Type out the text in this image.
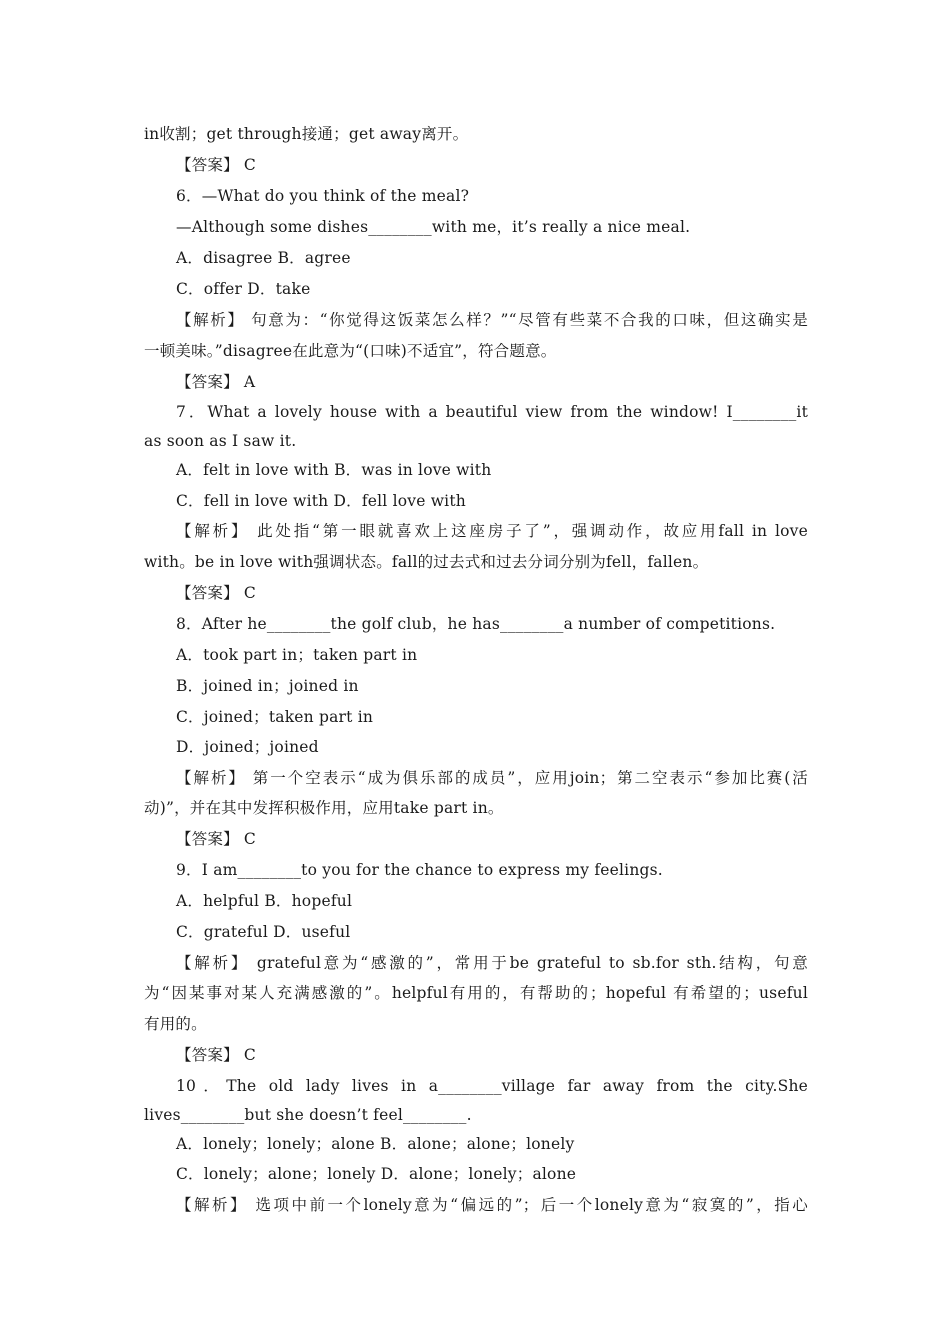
in收割；get through接通；get away离开。
【答案】 C
6．—What do you think of the meal?
—Although some dishes________with me，it’s really a nice meal.
A．disagree B．agree
C．offer D．take
【解析】 句意为：“你觉得这饭菜怎么样？”“尽管有些菜不合我的口味，但这确实是
一顿美味。”disagree在此意为“(口味)不适宜”，符合题意。
【答案】 A
7．What a lovely house with a beautiful view from the window! I________it
as soon as I saw it.
A．felt in love with B．was in love with
C．fell in love with D．fell love with
【解析】 此处指“第一眼就喜欢上这座房子了”，强调动作，故应用fall in love
with。be in love with强调状态。fall的过去式和过去分词分别为fell，fallen。
【答案】 C
8．After he________the golf club，he has________a number of competitions.
A．took part in；taken part in
B．joined in；joined in
C．joined；taken part in
D．joined；joined
【解析】 第一个空表示“成为俱乐部的成员”，应用join；第二空表示“参加比赛(活
动)”，并在其中发挥积极作用，应用take part in。
【答案】 C
9．I am________to you for the chance to express my feelings.
A．helpful B．hopeful
C．grateful D．useful
【解析】 grateful意为“感激的”，常用于be grateful to sb.for sth.结构，句意
为“因某事对某人充满感激的”。helpful有用的，有帮助的；hopeful 有希望的；useful
有用的。
【答案】 C
10．The old lady lives in a________village far away from the city.She
lives________but she doesn’t feel________.
A．lonely；lonely；alone B．alone；alone；lonely
C．lonely；alone；lonely D．alone；lonely；alone
【解析】 选项中前一个lonely意为“偏远的”；后一个lonely意为“寂寞的”，指心
